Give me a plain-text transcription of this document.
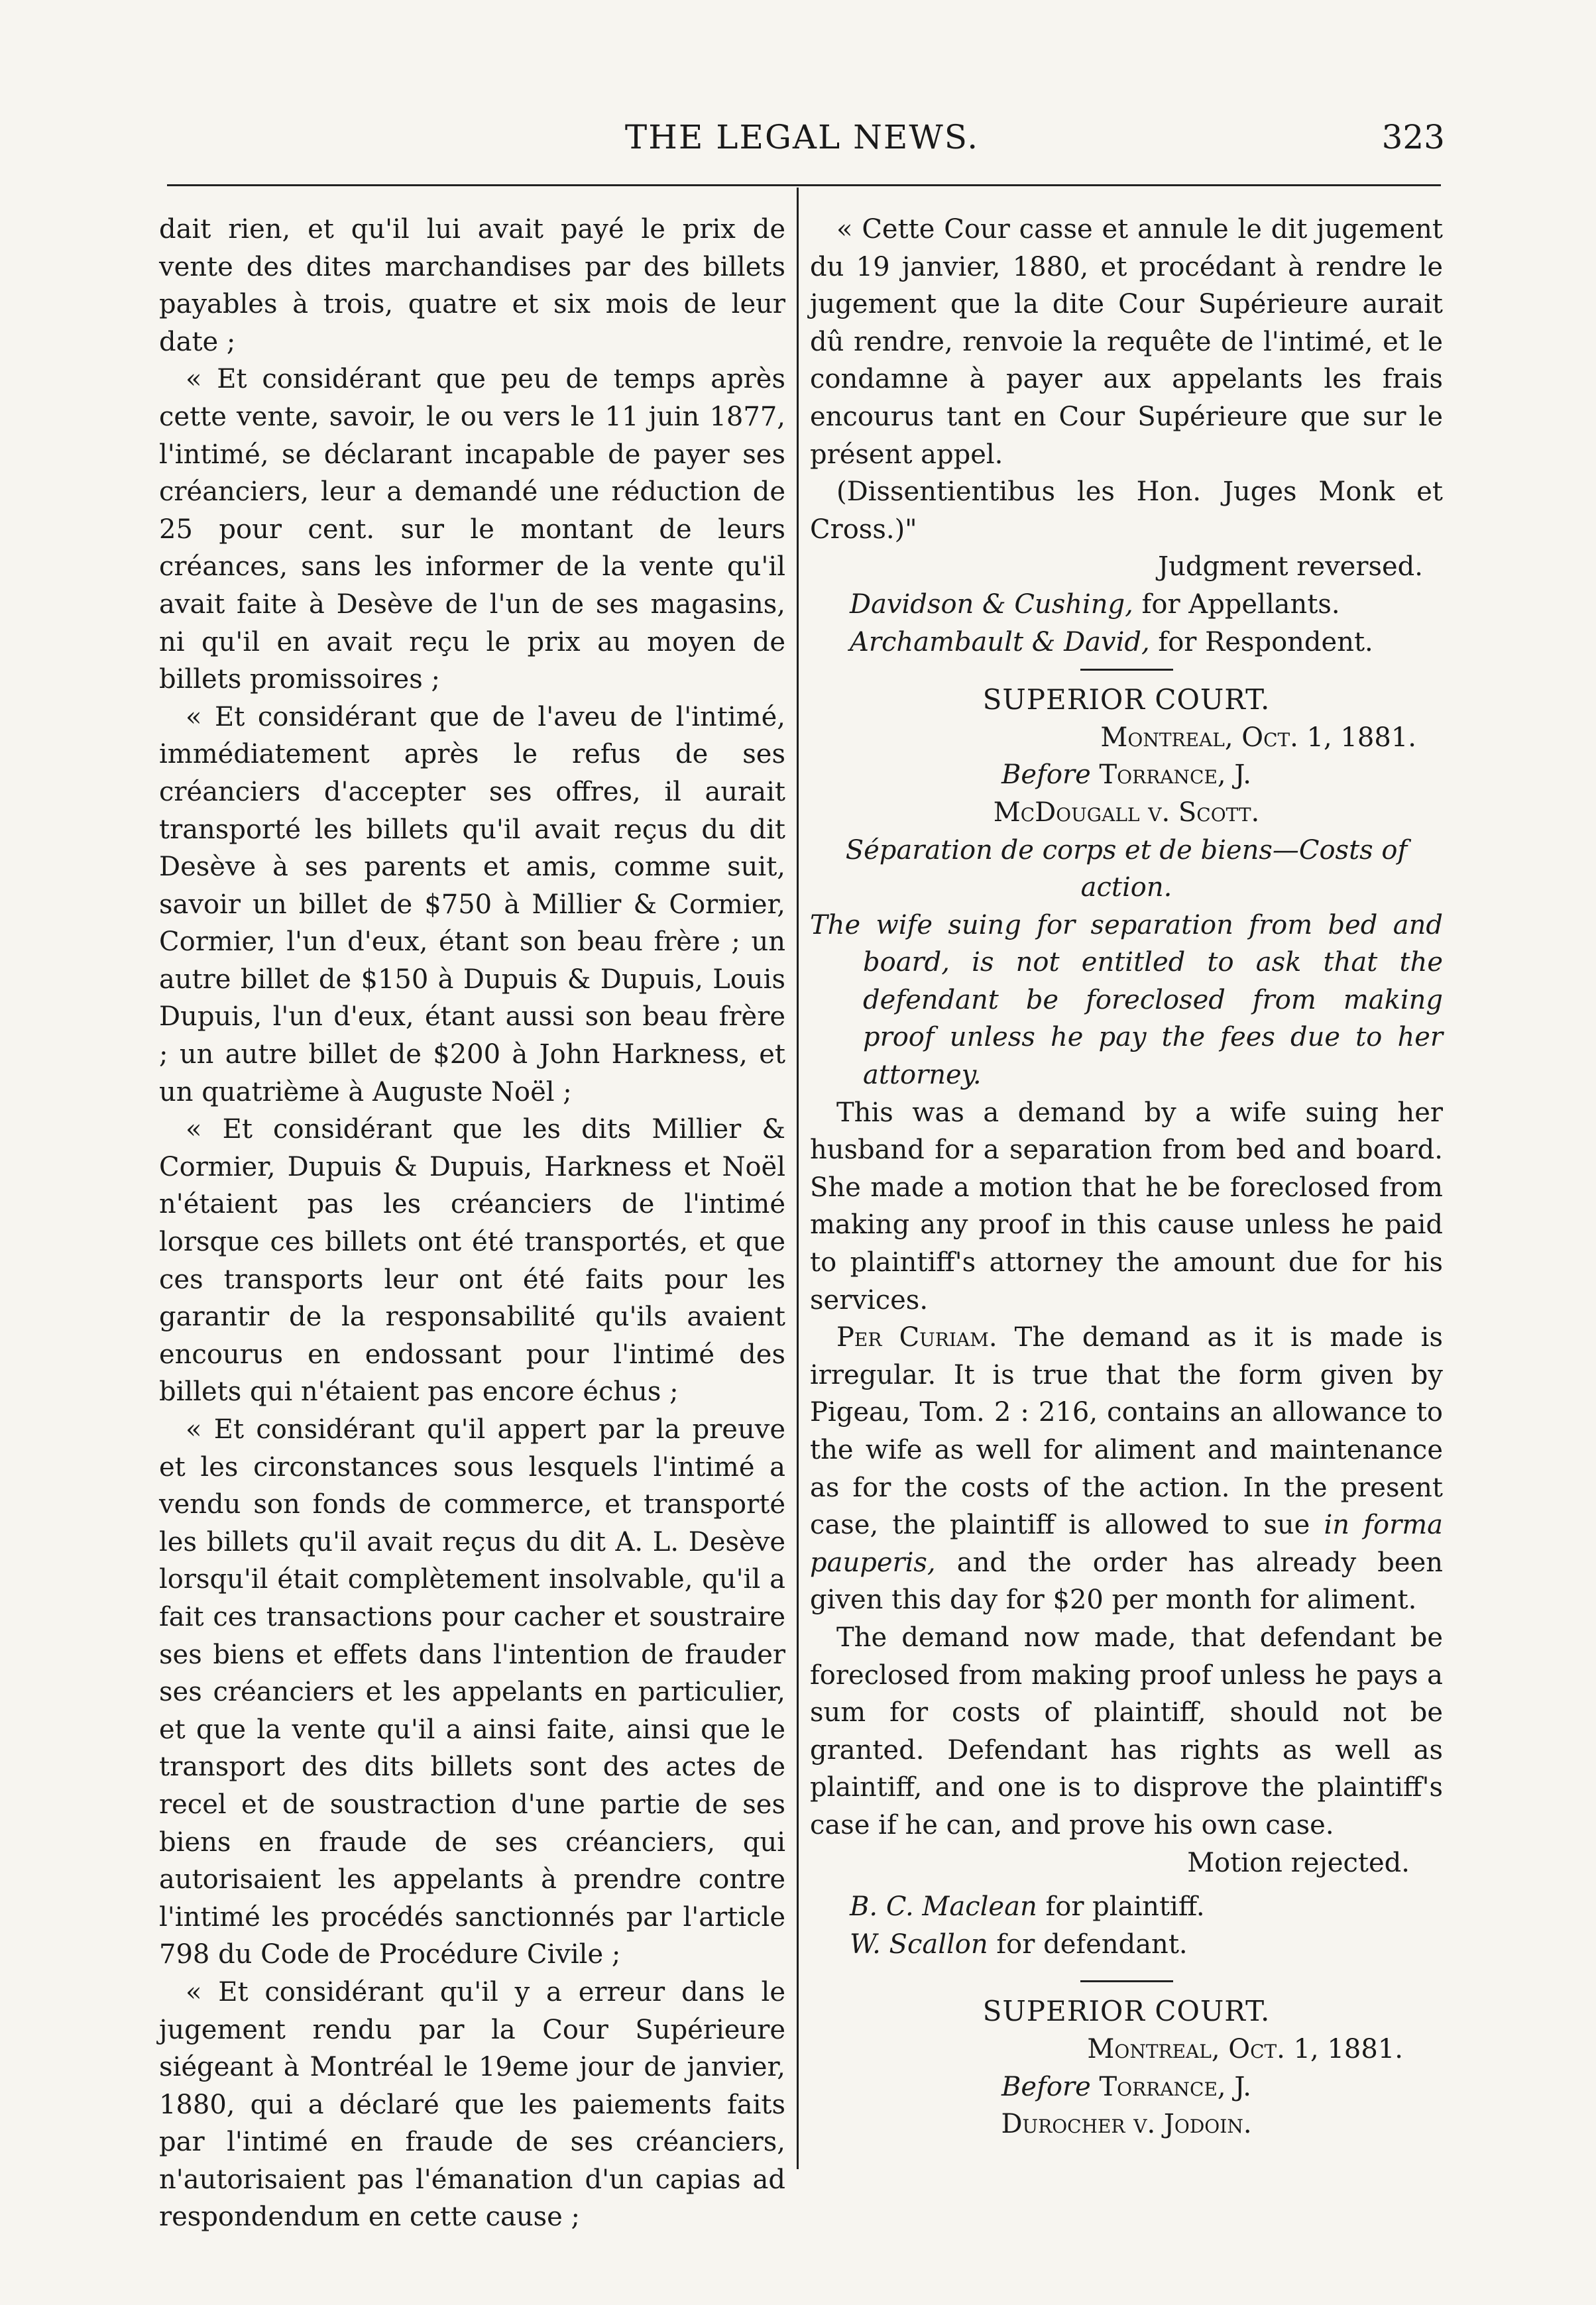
THE LEGAL NEWS.	323

dait rien, et qu'il lui avait payé le prix de vente des dites marchandises par des billets payables à trois, quatre et six mois de leur date ;

« Et considérant que peu de temps après cette vente, savoir, le ou vers le 11 juin 1877, l'intimé, se déclarant incapable de payer ses créanciers, leur a demandé une réduction de 25 pour cent. sur le montant de leurs créances, sans les informer de la vente qu'il avait faite à Desève de l'un de ses magasins, ni qu'il en avait reçu le prix au moyen de billets promissoires ;

« Et considérant que de l'aveu de l'intimé, immédiatement après le refus de ses créanciers d'accepter ses offres, il aurait transporté les billets qu'il avait reçus du dit Desève à ses parents et amis, comme suit, savoir un billet de $750 à Millier & Cormier, Cormier, l'un d'eux, étant son beau frère ; un autre billet de $150 à Dupuis & Dupuis, Louis Dupuis, l'un d'eux, étant aussi son beau frère ; un autre billet de $200 à John Harkness, et un quatrième à Auguste Noël ;

« Et considérant que les dits Millier & Cormier, Dupuis & Dupuis, Harkness et Noël n'étaient pas les créanciers de l'intimé lorsque ces billets ont été transportés, et que ces transports leur ont été faits pour les garantir de la responsabilité qu'ils avaient encourus en endossant pour l'intimé des billets qui n'étaient pas encore échus ;

« Et considérant qu'il appert par la preuve et les circonstances sous lesquels l'intimé a vendu son fonds de commerce, et transporté les billets qu'il avait reçus du dit A. L. Desève lorsqu'il était complètement insolvable, qu'il a fait ces transactions pour cacher et soustraire ses biens et effets dans l'intention de frauder ses créanciers et les appelants en particulier, et que la vente qu'il a ainsi faite, ainsi que le transport des dits billets sont des actes de recel et de soustraction d'une partie de ses biens en fraude de ses créanciers, qui autorisaient les appelants à prendre contre l'intimé les procédés sanctionnés par l'article 798 du Code de Procédure Civile ;

« Et considérant qu'il y a erreur dans le jugement rendu par la Cour Supérieure siégeant à Montréal le 19eme jour de janvier, 1880, qui a déclaré que les paiements faits par l'intimé en fraude de ses créanciers, n'autorisaient pas l'émanation d'un capias ad respondendum en cette cause ;

« Cette Cour casse et annule le dit jugement du 19 janvier, 1880, et procédant à rendre le jugement que la dite Cour Supérieure aurait dû rendre, renvoie la requête de l'intimé, et le condamne à payer aux appelants les frais encourus tant en Cour Supérieure que sur le présent appel.

(Dissentientibus les Hon. Juges Monk et Cross.)"

Judgment reversed.

Davidson & Cushing, for Appellants.

Archambault & David, for Respondent.

SUPERIOR COURT.

Montreal, Oct. 1, 1881.

Before Torrance, J.

McDougall v. Scott.

Séparation de corps et de biens—Costs of action.

The wife suing for separation from bed and board, is not entitled to ask that the defendant be foreclosed from making proof unless he pay the fees due to her attorney.

This was a demand by a wife suing her husband for a separation from bed and board. She made a motion that he be foreclosed from making any proof in this cause unless he paid to plaintiff's attorney the amount due for his services.

Per Curiam. The demand as it is made is irregular. It is true that the form given by Pigeau, Tom. 2 : 216, contains an allowance to the wife as well for aliment and maintenance as for the costs of the action. In the present case, the plaintiff is allowed to sue in forma pauperis, and the order has already been given this day for $20 per month for aliment.

The demand now made, that defendant be foreclosed from making proof unless he pays a sum for costs of plaintiff, should not be granted. Defendant has rights as well as plaintiff, and one is to disprove the plaintiff's case if he can, and prove his own case.

Motion rejected.

B. C. Maclean for plaintiff.

W. Scallon for defendant.

SUPERIOR COURT.

Montreal, Oct. 1, 1881.

Before Torrance, J.

Durocher v. Jodoin.
